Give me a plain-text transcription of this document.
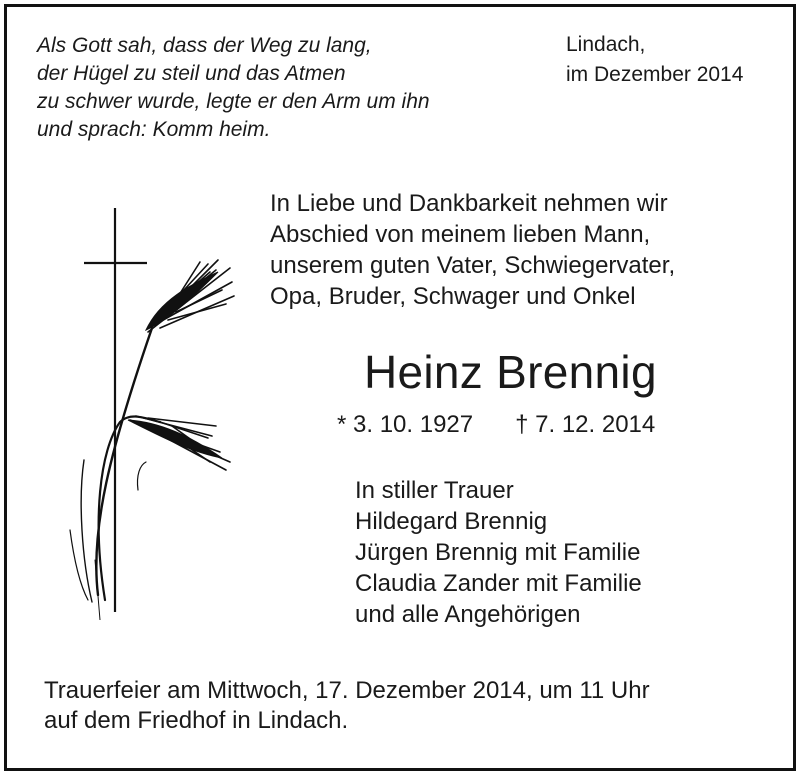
Als Gott sah, dass der Weg zu lang,
der Hügel zu steil und das Atmen
zu schwer wurde, legte er den Arm um ihn
und sprach: Komm heim.
Lindach,
im Dezember 2014
In Liebe und Dankbarkeit nehmen wir
Abschied von meinem lieben Mann,
unserem guten Vater, Schwiegervater,
Opa, Bruder, Schwager und Onkel
Heinz Brennig
* 3. 10. 1927 † 7. 12. 2014
In stiller Trauer
Hildegard Brennig
Jürgen Brennig mit Familie
Claudia Zander mit Familie
und alle Angehörigen
Trauerfeier am Mittwoch, 17. Dezember 2014, um 11 Uhr
auf dem Friedhof in Lindach.
